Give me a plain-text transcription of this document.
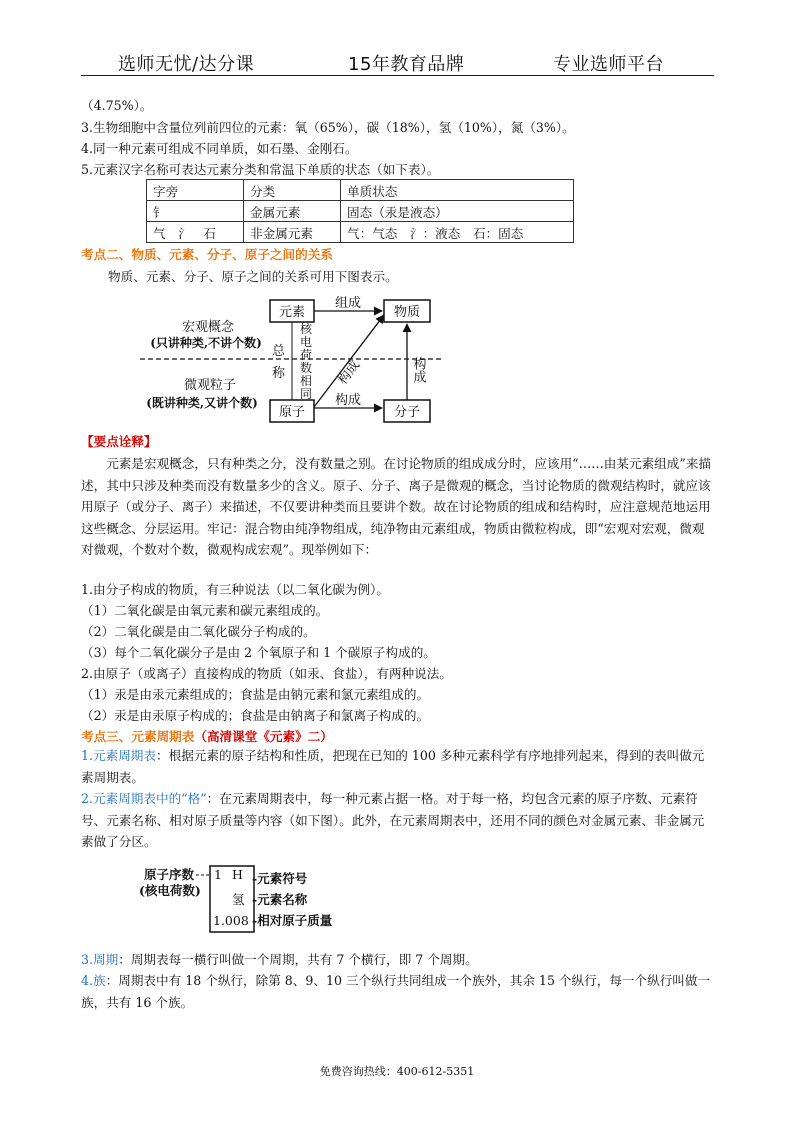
选师无忧/达分课	15年教育品牌	专业选师平台
（4.75%）。
3.生物细胞中含量位列前四位的元素：氧（65%），碳（18%），氢（10%），氮（3%）。
4.同一种元素可组成不同单质，如石墨、金刚石。
5.元素汉字名称可表达元素分类和常温下单质的状态（如下表）。
字旁	分类	单质状态
钅	金属元素	固态（汞是液态）
气　氵　石	非金属元素	气：气态　氵：液态　石：固态
考点二、物质、元素、分子、原子之间的关系
物质、元素、分子、原子之间的关系可用下图表示。
元素	物质
原子	分子
组成
构成
构成
构成
总
称
核
电
荷
数
相
同
宏观概念
(只讲种类,不讲个数)
微观粒子
(既讲种类,又讲个数)
【要点诠释】
元素是宏观概念，只有种类之分，没有数量之别。在讨论物质的组成成分时，应该用“……由某元素组成”来描述，其中只涉及种类而没有数量多少的含义。原子、分子、离子是微观的概念，当讨论物质的微观结构时，就应该用原子（或分子、离子）来描述，不仅要讲种类而且要讲个数。故在讨论物质的组成和结构时，应注意规范地运用这些概念、分层运用。牢记：混合物由纯净物组成，纯净物由元素组成，物质由微粒构成，即“宏观对宏观，微观对微观，个数对个数，微观构成宏观”。现举例如下：
1.由分子构成的物质，有三种说法（以二氧化碳为例）。
（1）二氧化碳是由氧元素和碳元素组成的。
（2）二氧化碳是由二氧化碳分子构成的。
（3）每个二氧化碳分子是由 2 个氧原子和 1 个碳原子构成的。
2.由原子（或离子）直接构成的物质（如汞、食盐），有两种说法。
（1）汞是由汞元素组成的；食盐是由钠元素和氯元素组成的。
（2）汞是由汞原子构成的；食盐是由钠离子和氯离子构成的。
考点三、元素周期表（高清课堂《元素》二）
1.元素周期表：根据元素的原子结构和性质，把现在已知的 100 多种元素科学有序地排列起来，得到的表叫做元素周期表。
2.元素周期表中的“格”：在元素周期表中，每一种元素占据一格。对于每一格，均包含元素的原子序数、元素符号、元素名称、相对原子质量等内容（如下图）。此外，在元素周期表中，还用不同的颜色对金属元素、非金属元素做了分区。
原子序数
(核电荷数)
1 H
氢
1.008
-元素符号
-元素名称
-相对原子质量
3.周期：周期表每一横行叫做一个周期，共有 7 个横行，即 7 个周期。
4.族：周期表中有 18 个纵行，除第 8、9、10 三个纵行共同组成一个族外，其余 15 个纵行，每一个纵行叫做一族，共有 16 个族。
免费咨询热线：400-612-5351
